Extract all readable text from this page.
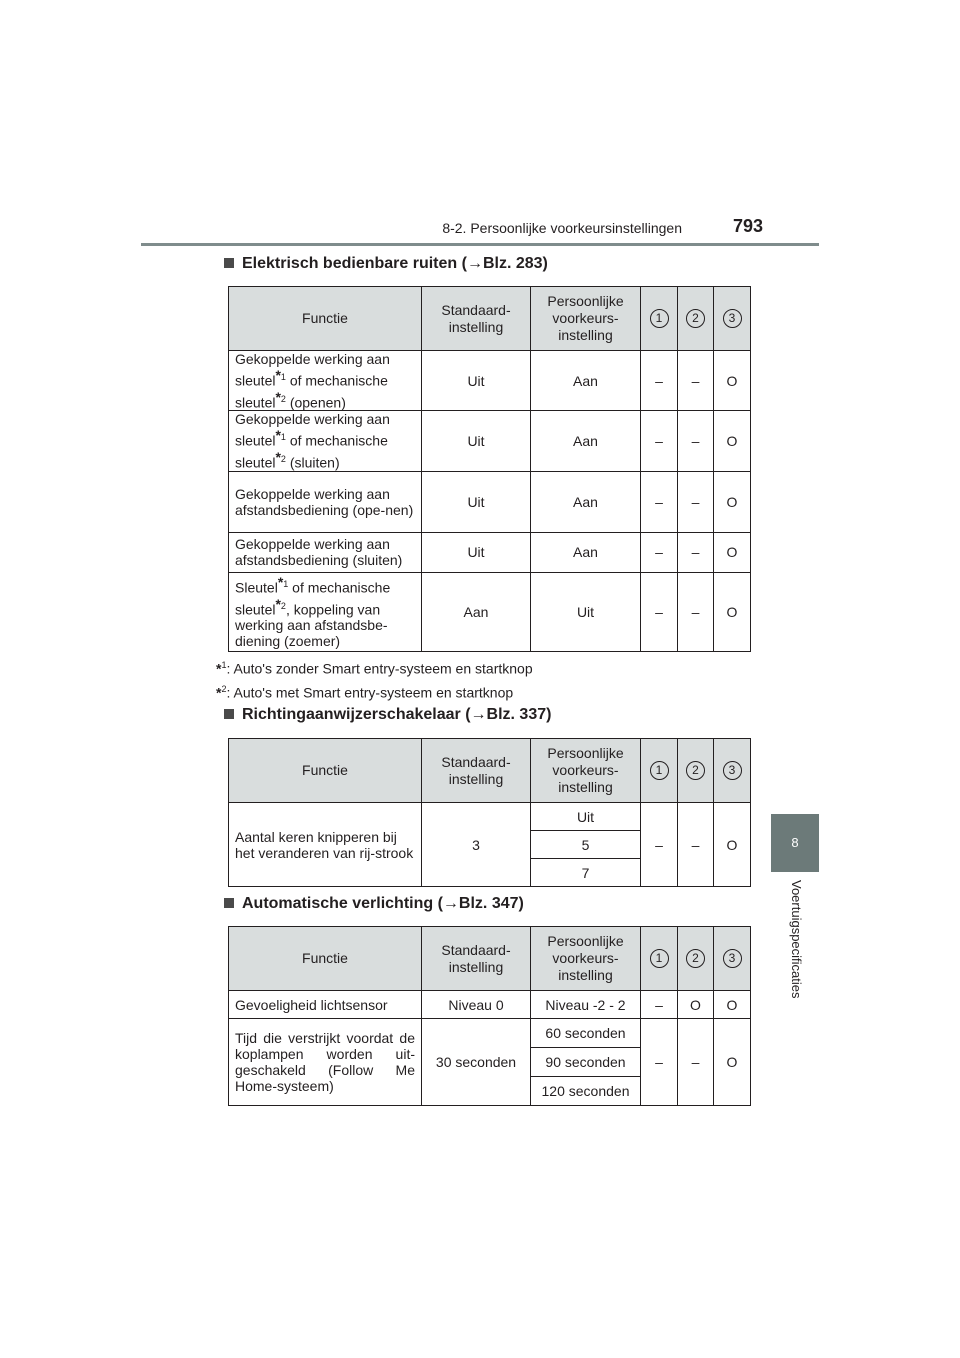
8-2. Persoonlijke voorkeursinstellingen	793
8
Voertuigspecificaties
Elektrisch bedienbare ruiten (→Blz. 283)
Functie	Standaard-instelling	Persoonlijke voorkeurs-instelling	1	2	3
Gekoppelde werking aan sleutel$^{*1}$ of mechanische sleutel$^{*2}$ (openen)	Uit	Aan	–	–	O
Gekoppelde werking aan sleutel$^{*1}$ of mechanische sleutel$^{*2}$ (sluiten)	Uit	Aan	–	–	O
Gekoppelde werking aan afstandsbediening (ope-nen)	Uit	Aan	–	–	O
Gekoppelde werking aan afstandsbediening (sluiten)	Uit	Aan	–	–	O
Sleutel$^{*1}$ of mechanische sleutel$^{*2}$, koppeling van werking aan afstandsbe-diening (zoemer)	Aan	Uit	–	–	O
*$^1$: Auto's zonder Smart entry-systeem en startknop
*$^2$: Auto's met Smart entry-systeem en startknop
Richtingaanwijzerschakelaar (→Blz. 337)
Functie	Standaard-instelling	Persoonlijke voorkeurs-instelling	1	2	3
Aantal keren knipperen bij het veranderen van rij-strook	3	Uit	–	–	O
		5			
		7			
Automatische verlichting (→Blz. 347)
Functie	Standaard-instelling	Persoonlijke voorkeurs-instelling	1	2	3
Gevoeligheid lichtsensor	Niveau 0	Niveau -2 - 2	–	O	O
Tijd die verstrijkt voordat de koplampen worden uit-geschakeld (Follow Me Home-systeem)	30 seconden	60 seconden	–	–	O
		90 seconden			
		120 seconden			
